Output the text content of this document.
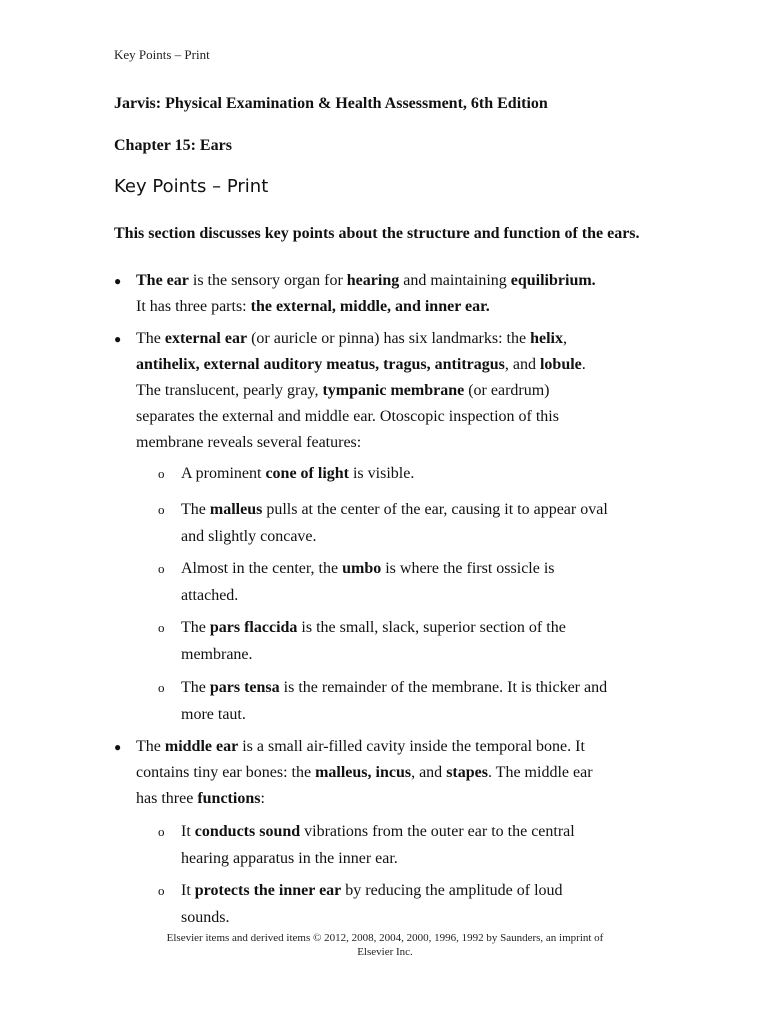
Key Points – Print
Jarvis: Physical Examination & Health Assessment, 6th Edition
Chapter 15: Ears
Key Points – Print
This section discusses key points about the structure and function of the ears.
● The ear is the sensory organ for hearing and maintaining equilibrium.
It has three parts: the external, middle, and inner ear.
● The external ear (or auricle or pinna) has six landmarks: the helix,
antihelix, external auditory meatus, tragus, antitragus, and lobule.
The translucent, pearly gray, tympanic membrane (or eardrum)
separates the external and middle ear. Otoscopic inspection of this
membrane reveals several features:
o A prominent cone of light is visible.
o The malleus pulls at the center of the ear, causing it to appear oval
and slightly concave.
o Almost in the center, the umbo is where the first ossicle is
attached.
o The pars flaccida is the small, slack, superior section of the
membrane.
o The pars tensa is the remainder of the membrane. It is thicker and
more taut.
● The middle ear is a small air-filled cavity inside the temporal bone. It
contains tiny ear bones: the malleus, incus, and stapes. The middle ear
has three functions:
o It conducts sound vibrations from the outer ear to the central
hearing apparatus in the inner ear.
o It protects the inner ear by reducing the amplitude of loud
sounds.
Elsevier items and derived items © 2012, 2008, 2004, 2000, 1996, 1992 by Saunders, an imprint of
Elsevier Inc.
